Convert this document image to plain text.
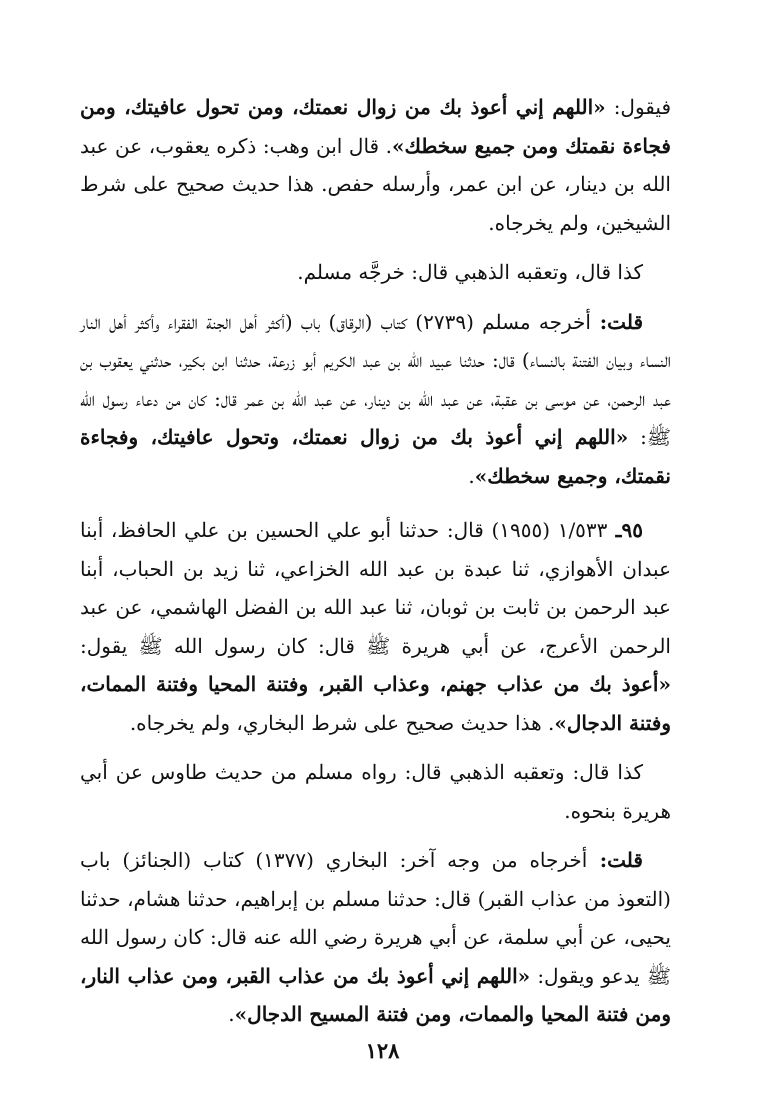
فيقول: «اللهم إني أعوذ بك من زوال نعمتك، ومن تحول عافيتك، ومن فجاءة نقمتك ومن جميع سخطك». قال ابن وهب: ذكره يعقوب، عن عبد الله بن دينار، عن ابن عمر، وأرسله حفص. هذا حديث صحيح على شرط الشيخين، ولم يخرجاه.

كذا قال، وتعقبه الذهبي قال: خرجَّه مسلم.

قلت: أخرجه مسلم (٢٧٣٩) كتاب (الرقاق) باب (أكثر أهل الجنة الفقراء وأكثر أهل النار النساء وبيان الفتنة بالنساء) قال: حدثنا عبيد الله بن عبد الكريم أبو زرعة، حدثنا ابن بكير، حدثني يعقوب بن عبد الرحمن، عن موسى بن عقبة، عن عبد الله بن دينار، عن عبد الله بن عمر قال: كان من دعاء رسول الله ﷺ: «اللهم إني أعوذ بك من زوال نعمتك، وتحول عافيتك، وفجاءة نقمتك، وجميع سخطك».

٩٥ـ ١/٥٣٣ (١٩٥٥) قال: حدثنا أبو علي الحسين بن علي الحافظ، أبنا عبدان الأهوازي، ثنا عبدة بن عبد الله الخزاعي، ثنا زيد بن الحباب، أبنا عبد الرحمن بن ثابت بن ثوبان، ثنا عبد الله بن الفضل الهاشمي، عن عبد الرحمن الأعرج، عن أبي هريرة ﷺ قال: كان رسول الله ﷺ يقول: «أعوذ بك من عذاب جهنم، وعذاب القبر، وفتنة المحيا وفتنة الممات، وفتنة الدجال». هذا حديث صحيح على شرط البخاري، ولم يخرجاه.

كذا قال: وتعقبه الذهبي قال: رواه مسلم من حديث طاوس عن أبي هريرة بنحوه.

قلت: أخرجاه من وجه آخر: البخاري (١٣٧٧) كتاب (الجنائز) باب (التعوذ من عذاب القبر) قال: حدثنا مسلم بن إبراهيم، حدثنا هشام، حدثنا يحيى، عن أبي سلمة، عن أبي هريرة رضي الله عنه قال: كان رسول الله ﷺ يدعو ويقول: «اللهم إني أعوذ بك من عذاب القبر، ومن عذاب النار، ومن فتنة المحيا والممات، ومن فتنة المسيح الدجال».

١٢٨
